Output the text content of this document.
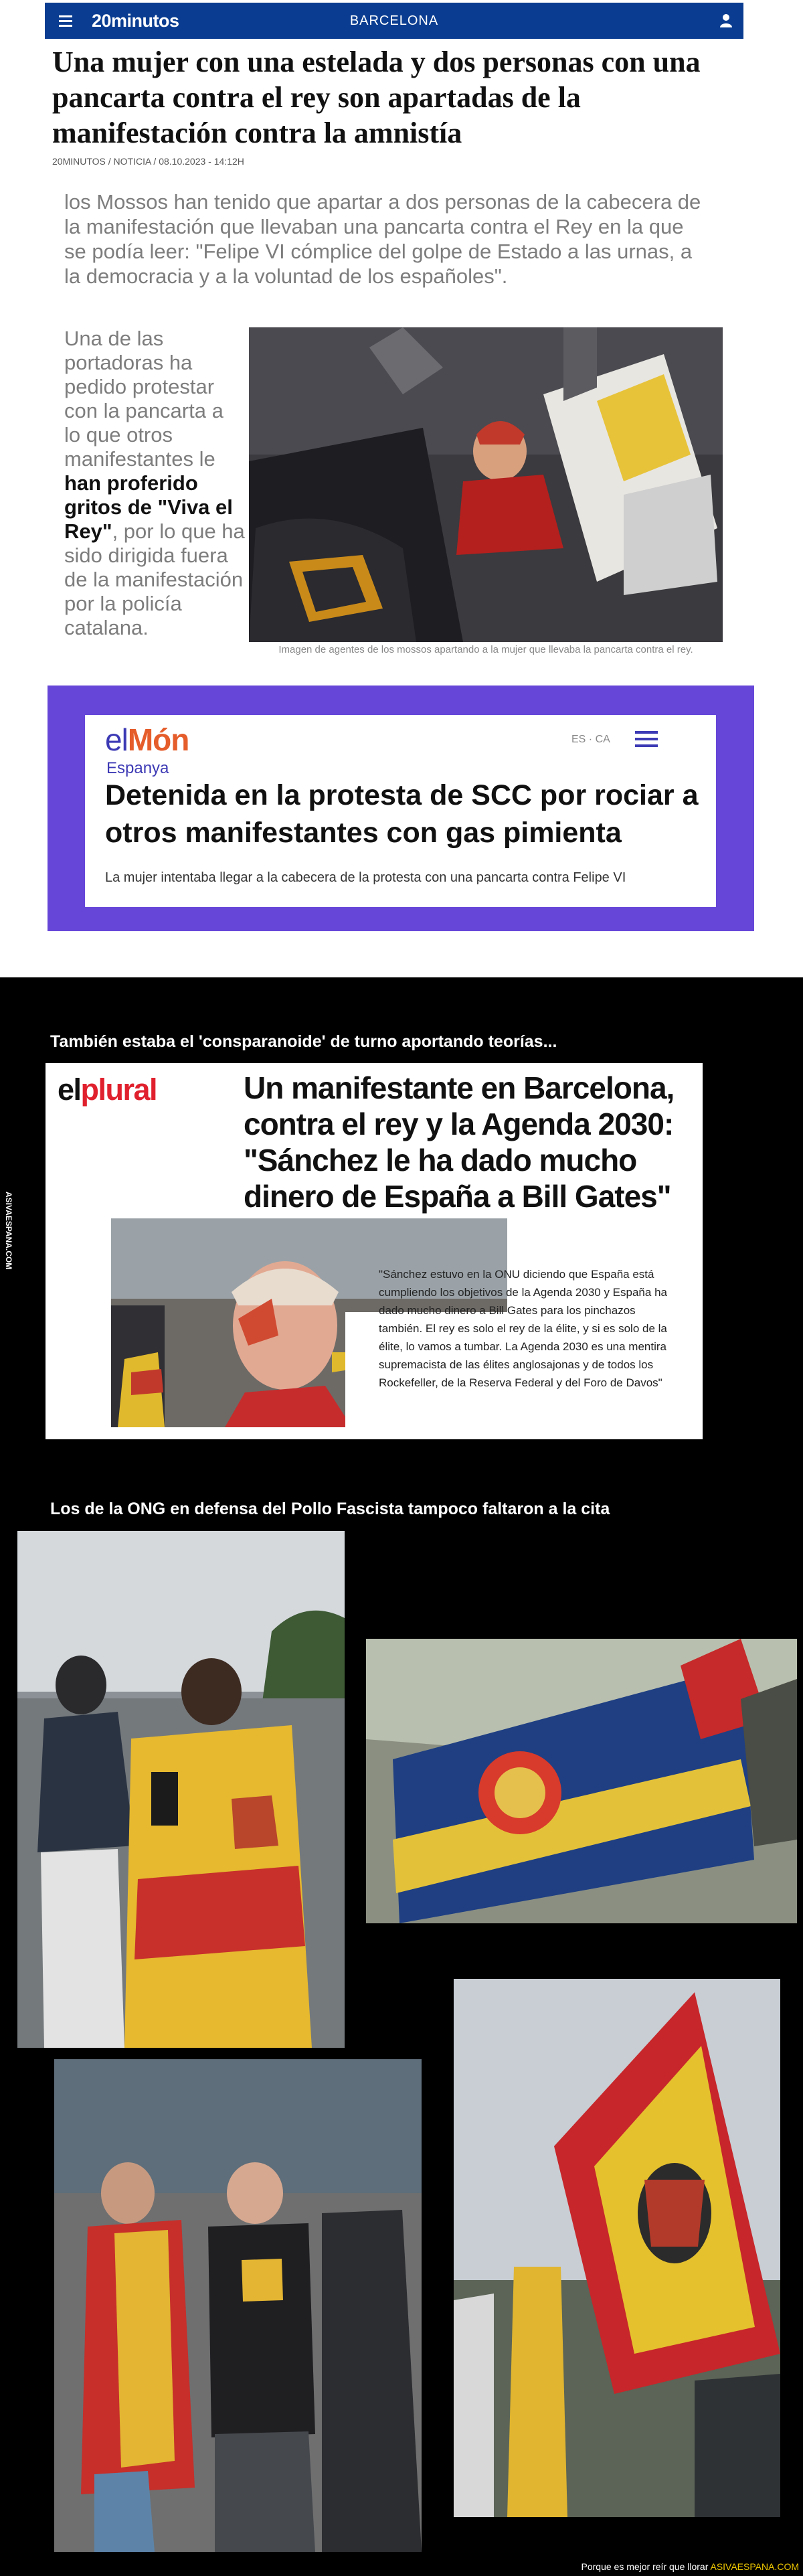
20minutos	BARCELONA
Una mujer con una estelada y dos personas con una pancarta contra el rey son apartadas de la manifestación contra la amnistía
20MINUTOS / NOTICIA / 08.10.2023 - 14:12H

los Mossos han tenido que apartar a dos personas de la cabecera de la manifestación que llevaban una pancarta contra el Rey en la que se podía leer: "Felipe VI cómplice del golpe de Estado a las urnas, a la democracia y a la voluntad de los españoles".

Una de las portadoras ha pedido protestar con la pancarta a lo que otros manifestantes le han proferido gritos de "Viva el Rey", por lo que ha sido dirigida fuera de la manifestación por la policía catalana.

Imagen de agentes de los mossos apartando a la mujer que llevaba la pancarta contra el rey.
elMón
Espanya
ES · CA
Detenida en la protesta de SCC por rociar a otros manifestantes con gas pimienta
La mujer intentaba llegar a la cabecera de la protesta con una pancarta contra Felipe VI
También estaba el 'consparanoide' de turno aportando teorías...
ASIVAESPANA.COM
elplural	Un manifestante en Barcelona, contra el rey y la Agenda 2030: "Sánchez le ha dado mucho dinero de España a Bill Gates"
"Sánchez estuvo en la ONU diciendo que España está cumpliendo los objetivos de la Agenda 2030 y España ha dado mucho dinero a Bill Gates para los pinchazos también. El rey es solo el rey de la élite, y si es solo de la élite, lo vamos a tumbar. La Agenda 2030 es una mentira supremacista de las élites anglosajonas y de todos los Rockefeller, de la Reserva Federal y del Foro de Davos"
Los de la ONG en defensa del Pollo Fascista tampoco faltaron a la cita
Porque es mejor reír que llorar ASIVAESPANA.COM
